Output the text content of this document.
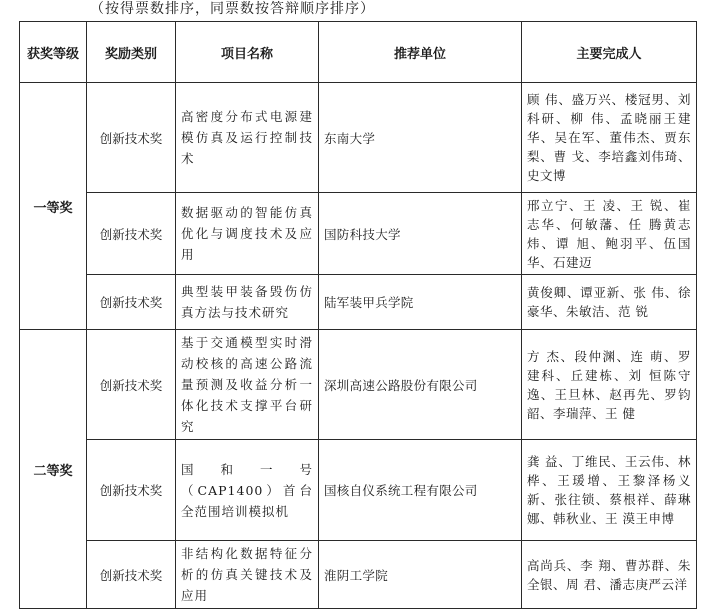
（按得票数排序，同票数按答辩顺序排序）
获奖等级	奖励类别	项目名称	推荐单位	主要完成人
一等奖	创新技术奖	高密度分布式电源建模仿真及运行控制技术	东南大学	顾 伟、盛万兴、楼冠男、刘科研、柳 伟、孟晓丽王建华、吴在军、董伟杰、贾东梨、曹 戈、李培鑫刘伟琦、史文博
	创新技术奖	数据驱动的智能仿真优化与调度技术及应用	国防科技大学	邢立宁、王 凌、王 锐、崔志华、何敏藩、任 腾黄志炜、谭 旭、鲍羽平、伍国华、石建迈
	创新技术奖	典型装甲装备毁伤仿真方法与技术研究	陆军装甲兵学院	黄俊卿、谭亚新、张 伟、徐豪华、朱敏洁、范 锐
二等奖	创新技术奖	基于交通模型实时滑动校核的高速公路流量预测及收益分析一体化技术支撑平台研究	深圳高速公路股份有限公司	方 杰、段仲渊、连 萌、罗建科、丘建栋、刘 恒陈守逸、王旦林、赵再先、罗钧韶、李瑞萍、王 健
	创新技术奖	国和一号（CAP1400）首台全范围培训模拟机	国核自仪系统工程有限公司	龚 益、丁维民、王云伟、林 桦、王瑗增、王黎泽杨义新、张往锁、蔡根祥、薛琳娜、韩秋业、王 漠王申博
	创新技术奖	非结构化数据特征分析的仿真关键技术及应用	淮阴工学院	高尚兵、李 翔、曹苏群、朱全银、周 君、潘志庚严云洋
